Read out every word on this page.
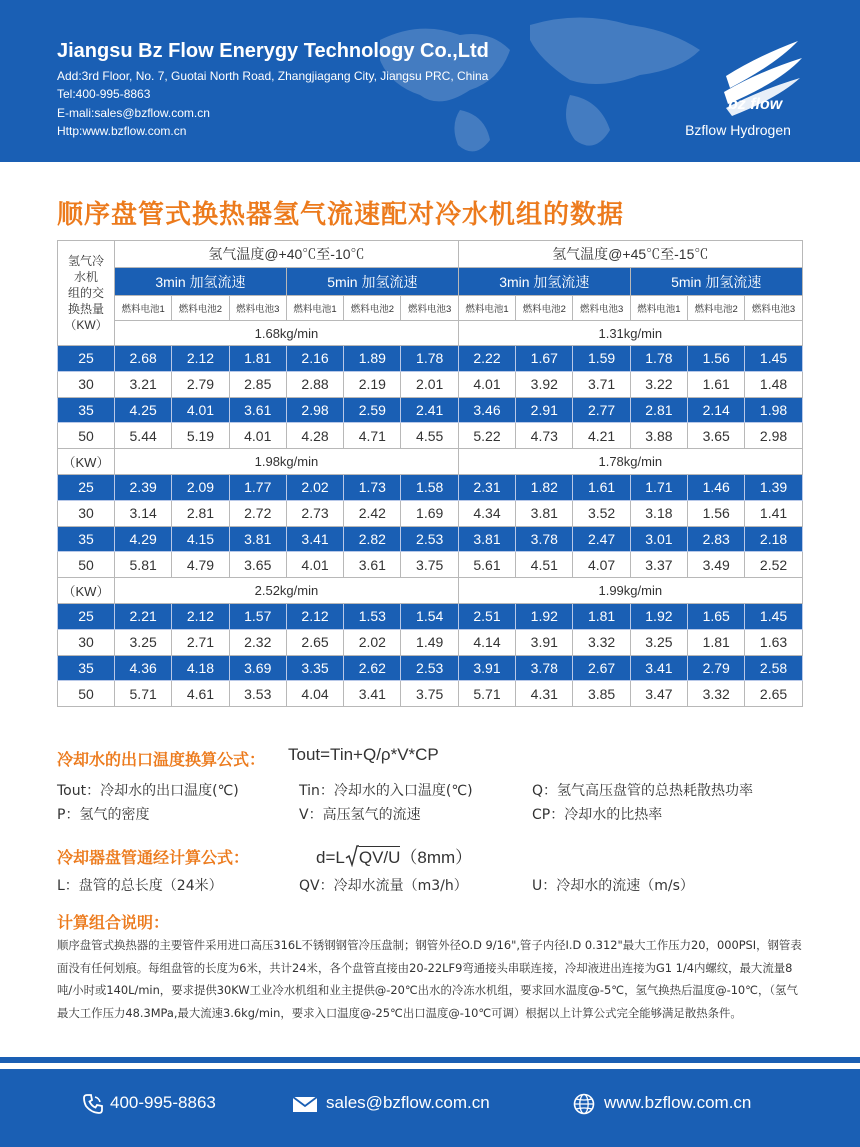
Jiangsu Bz Flow Enerygy Technology Co.,Ltd
Add:3rd Floor, No. 7, Guotai North Road, Zhangjiagang City, Jiangsu PRC, China
Tel:400-995-8863
E-mali:sales@bzflow.com.cn
Http:www.bzflow.com.cn
bz flow
Bzflow Hydrogen
顺序盘管式换热器氢气流速配对冷水机组的数据
氢气冷
水机
组的交
换热量
（KW）	氢气温度@+40℃至-10℃						氢气温度@+45℃至-15℃					
	3min 加氢流速			5min 加氢流速			3min 加氢流速			5min 加氢流速		
	燃料电池1	燃料电池2	燃料电池3	燃料电池1	燃料电池2	燃料电池3	燃料电池1	燃料电池2	燃料电池3	燃料电池1	燃料电池2	燃料电池3
	1.68kg/min						1.31kg/min					
25	2.68	2.12	1.81	2.16	1.89	1.78	2.22	1.67	1.59	1.78	1.56	1.45
30	3.21	2.79	2.85	2.88	2.19	2.01	4.01	3.92	3.71	3.22	1.61	1.48
35	4.25	4.01	3.61	2.98	2.59	2.41	3.46	2.91	2.77	2.81	2.14	1.98
50	5.44	5.19	4.01	4.28	4.71	4.55	5.22	4.73	4.21	3.88	3.65	2.98
（KW）	1.98kg/min						1.78kg/min					
25	2.39	2.09	1.77	2.02	1.73	1.58	2.31	1.82	1.61	1.71	1.46	1.39
30	3.14	2.81	2.72	2.73	2.42	1.69	4.34	3.81	3.52	3.18	1.56	1.41
35	4.29	4.15	3.81	3.41	2.82	2.53	3.81	3.78	2.47	3.01	2.83	2.18
50	5.81	4.79	3.65	4.01	3.61	3.75	5.61	4.51	4.07	3.37	3.49	2.52
（KW）	2.52kg/min						1.99kg/min					
25	2.21	2.12	1.57	2.12	1.53	1.54	2.51	1.92	1.81	1.92	1.65	1.45
30	3.25	2.71	2.32	2.65	2.02	1.49	4.14	3.91	3.32	3.25	1.81	1.63
35	4.36	4.18	3.69	3.35	2.62	2.53	3.91	3.78	2.67	3.41	2.79	2.58
50	5.71	4.61	3.53	4.04	3.41	3.75	5.71	4.31	3.85	3.47	3.32	2.65
冷却水的出口温度换算公式： Tout=Tin+Q/ρ*V*CP
Tout：冷却水的出口温度(℃)	Tin：冷却水的入口温度(℃)	Q：氢气高压盘管的总热耗散热功率
P：氢气的密度	V：高压氢气的流速	CP：冷却水的比热率
冷却器盘管通经计算公式：	d=L QV/U（8mm）
L：盘管的总长度（24米）	QV：冷却水流量（m3/h）	U：冷却水的流速（m/s）
计算组合说明：
顺序盘管式换热器的主要管件采用进口高压316L不锈钢钢管冷压盘制；钢管外径O.D 9/16",管子内径I.D 0.312"最大工作压力20，000PSI，钢管表面没有任何划痕。每组盘管的长度为6米，共计24米，各个盘管直接由20-22LF9弯通接头串联连接，冷却液进出连接为G1 1/4内螺纹，最大流量8吨/小时或140L/min，要求提供30KW工业冷水机组和业主提供@-20℃出水的冷冻水机组，要求回水温度@-5℃，氢气换热后温度@-10℃，（氢气最大工作压力48.3MPa,最大流速3.6kg/min，要求入口温度@-25℃出口温度@-10℃可调）根据以上计算公式完全能够满足散热条件。
400-995-8863	sales@bzflow.com.cn	www.bzflow.com.cn
